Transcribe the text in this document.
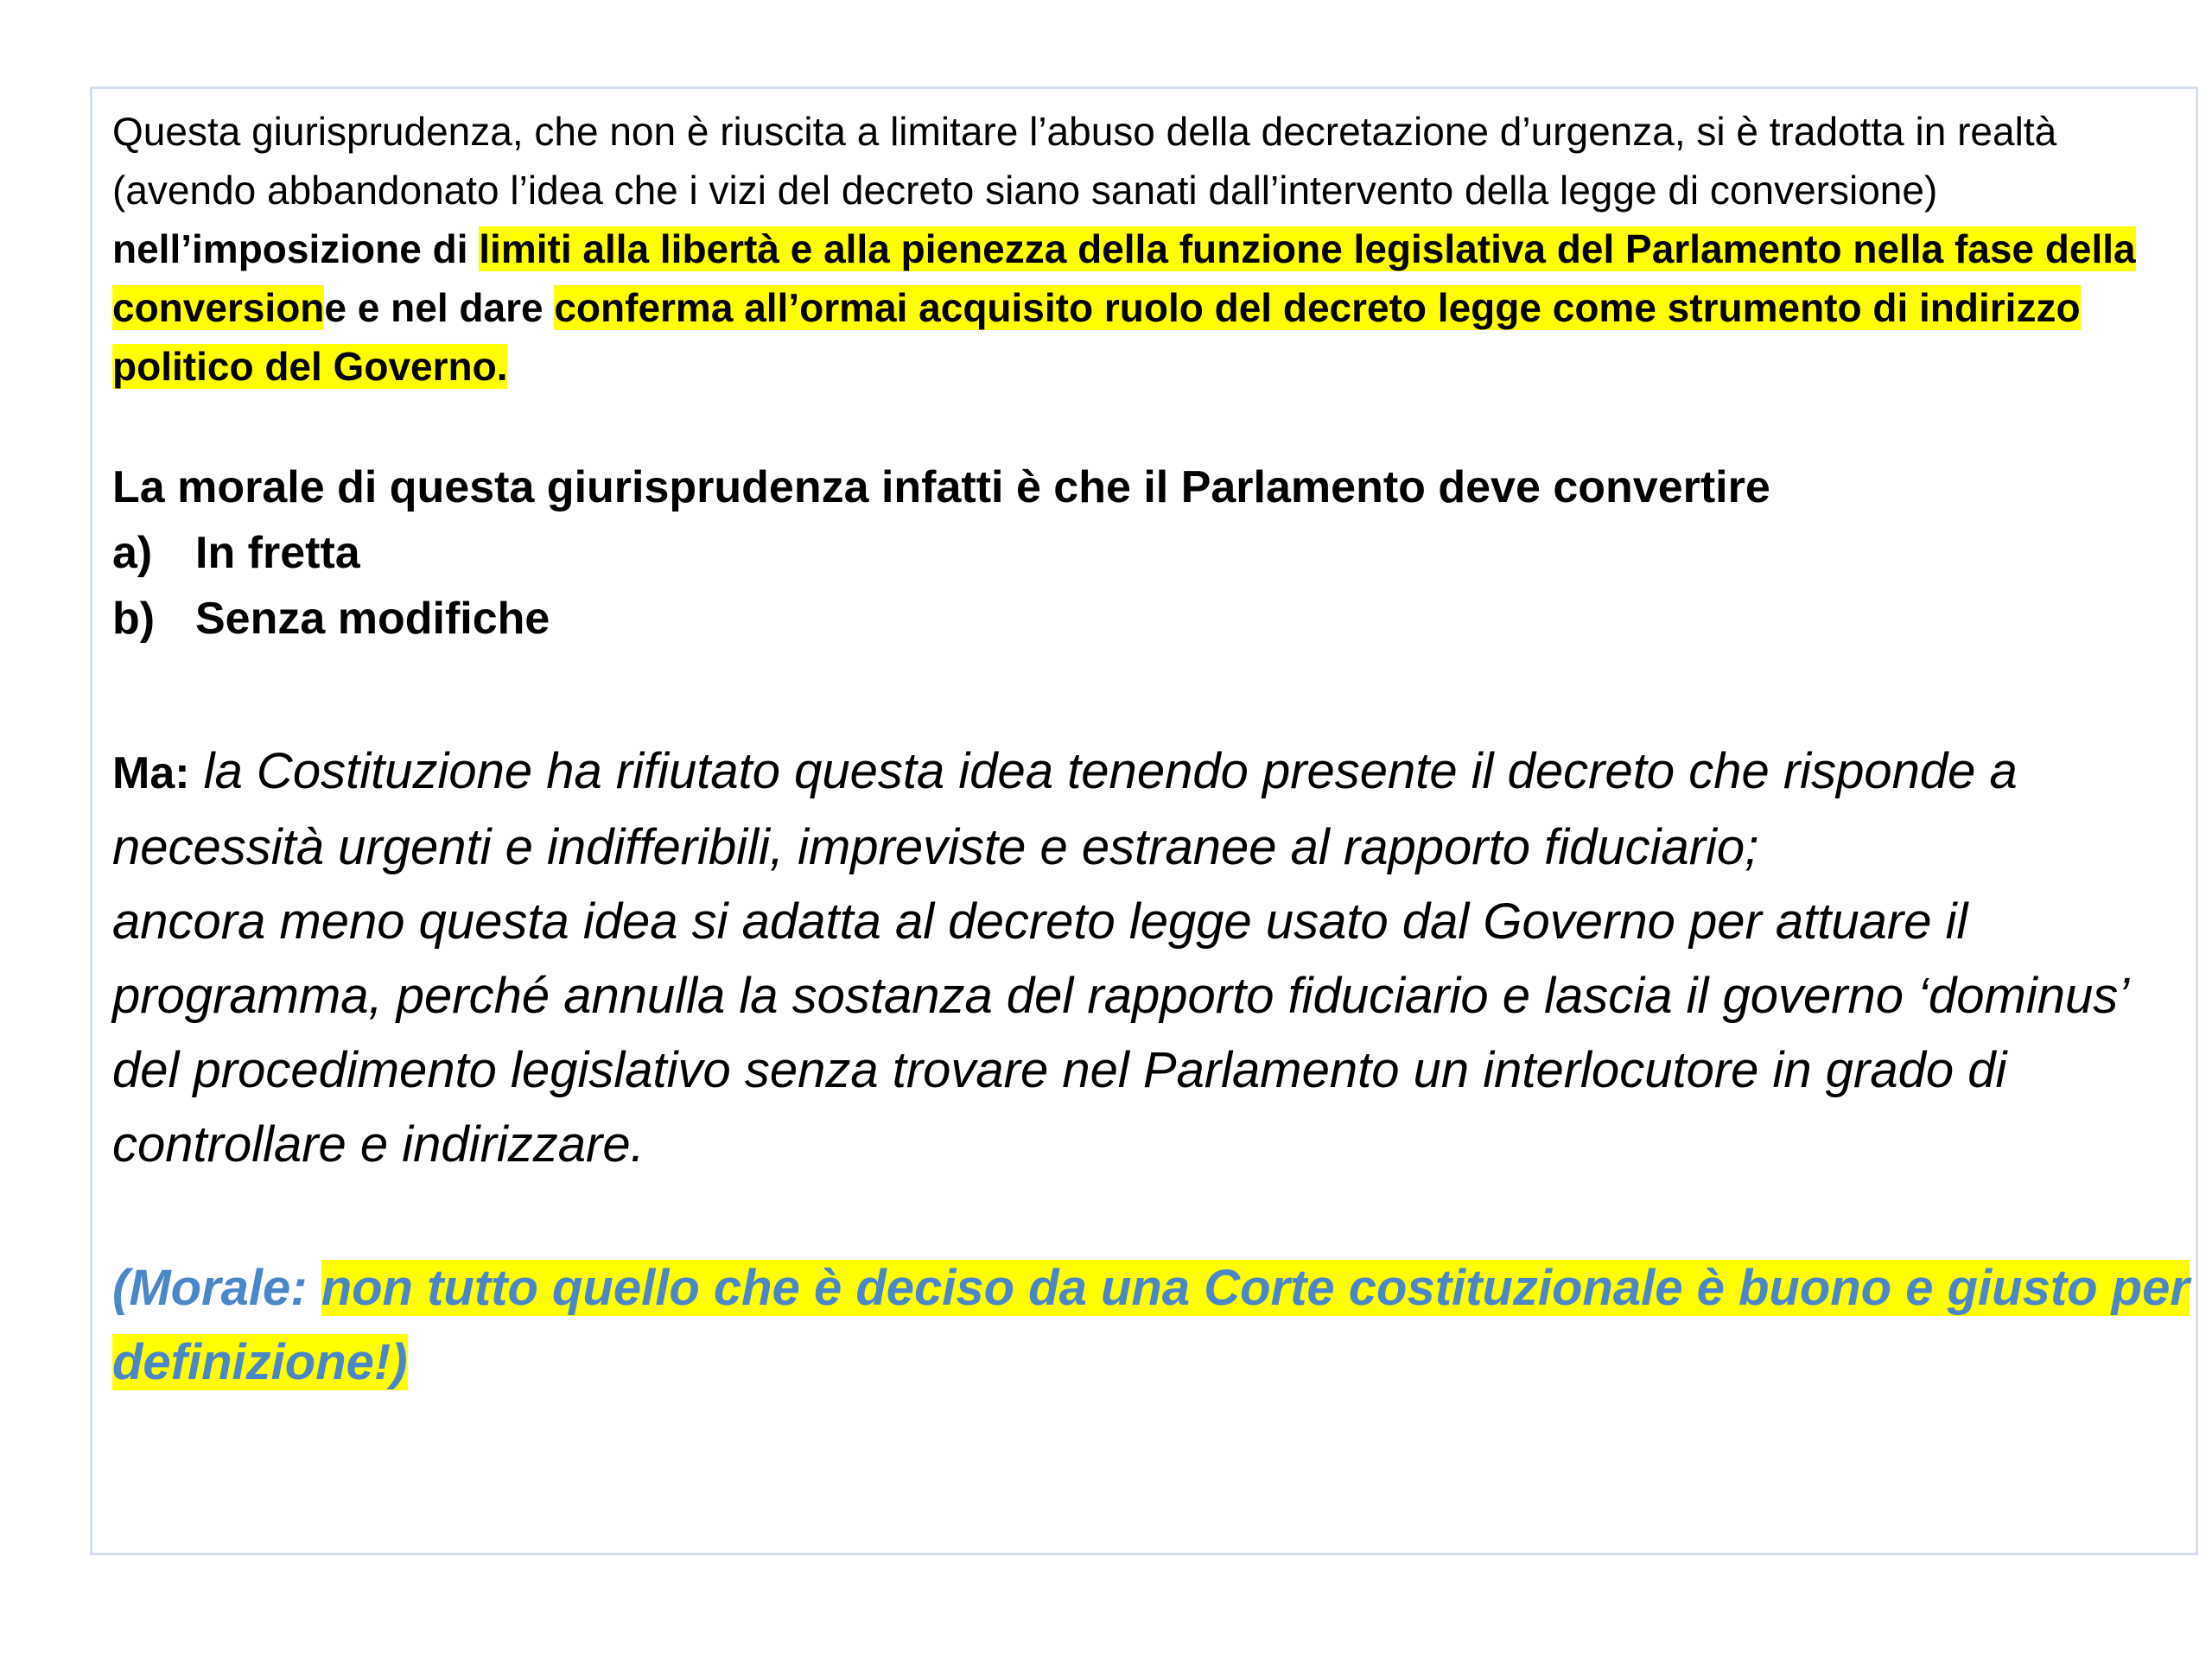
Questa giurisprudenza, che non è riuscita a limitare l’abuso della decretazione d’urgenza, si è tradotta in realtà (avendo abbandonato l’idea che i vizi del decreto siano sanati dall’intervento della legge di conversione) nell’imposizione di limiti alla libertà e alla pienezza della funzione legislativa del Parlamento nella fase della conversione e nel dare conferma all’ormai acquisito ruolo del decreto legge come strumento di indirizzo politico del Governo.

La morale di questa giurisprudenza infatti è che il Parlamento deve convertire

a) In fretta
b) Senza modifiche

Ma: la Costituzione ha rifiutato questa idea tenendo presente il decreto che risponde a necessità urgenti e indifferibili, impreviste e estranee al rapporto fiduciario;
ancora meno questa idea si adatta al decreto legge usato dal Governo per attuare il programma, perché annulla la sostanza del rapporto fiduciario e lascia il governo ‘dominus’ del procedimento legislativo senza trovare nel Parlamento un interlocutore in grado di controllare e indirizzare.

(Morale: non tutto quello che è deciso da una Corte costituzionale è buono e giusto per definizione!)
